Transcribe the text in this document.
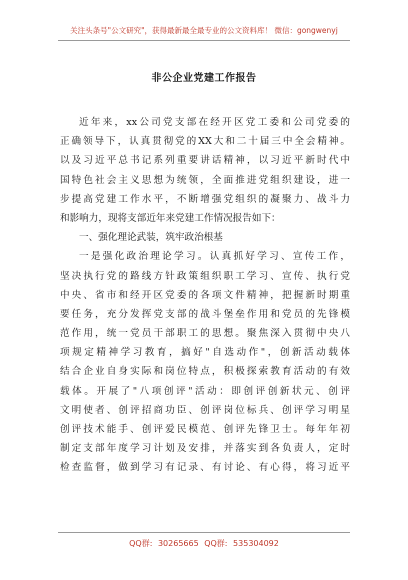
关注头条号"公文研究"，获得最新最全最专业的公文资料库！ 微信：gongwenyj
非公企业党建工作报告
近年来，xx公司党支部在经开区党工委和公司党委的
正确领导下，认真贯彻党的XX大和二十届三中全会精神。
以及习近平总书记系列重要讲话精神，以习近平新时代中
国特色社会主义思想为统领，全面推进党组织建设，进一
步提高党建工作水平，不断增强党组织的凝聚力、战斗力
和影响力，现将支部近年来党建工作情况报告如下：
一、强化理论武装，筑牢政治根基
一是强化政治理论学习。认真抓好学习、宣传工作，
坚决执行党的路线方针政策组织职工学习、宣传、执行党
中央、省市和经开区党委的各项文件精神，把握新时期重
要任务，充分发挥党支部的战斗堡垒作用和党员的先锋模
范作用，统一党员干部职工的思想。聚焦深入贯彻中央八
项规定精神学习教育，搞好"自选动作"，创新活动载体
结合企业自身实际和岗位特点，积极探索教育活动的有效
载体。开展了"八项创评"活动：即创评创新状元、创评
文明使者、创评招商功臣、创评岗位标兵、创评学习明星
创评技术能手、创评爱民模范、创评先锋卫士。每年年初
制定支部年度学习计划及安排，并落实到各负责人，定时
检查监督，做到学习有记录、有讨论、有心得，将习近平
QQ群: 30265665 QQ群: 535304092
